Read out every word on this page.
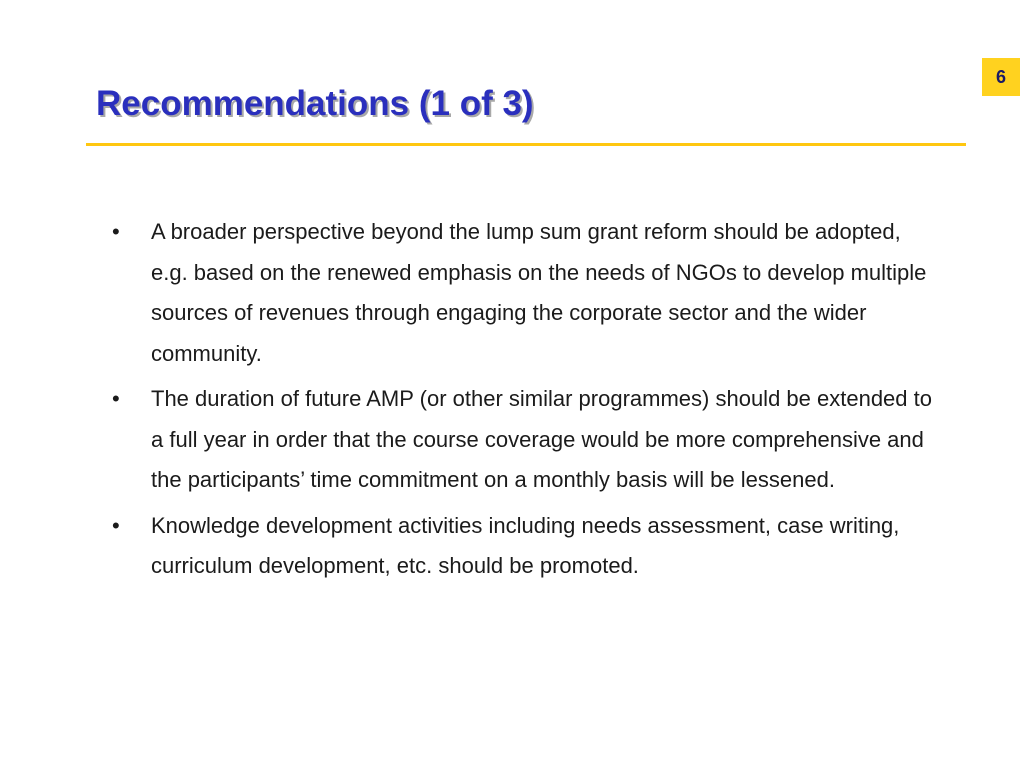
6
Recommendations (1 of 3)
•	A broader perspective beyond the lump sum grant reform should be adopted, e.g. based on the renewed emphasis on the needs of NGOs to develop multiple sources of revenues through engaging the corporate sector and the wider community.
•	The duration of future AMP (or other similar programmes) should be extended to a full year in order that the course coverage would be more comprehensive and the participants’ time commitment on a monthly basis will be lessened.
•	Knowledge development activities including needs assessment, case writing, curriculum development, etc. should be promoted.
